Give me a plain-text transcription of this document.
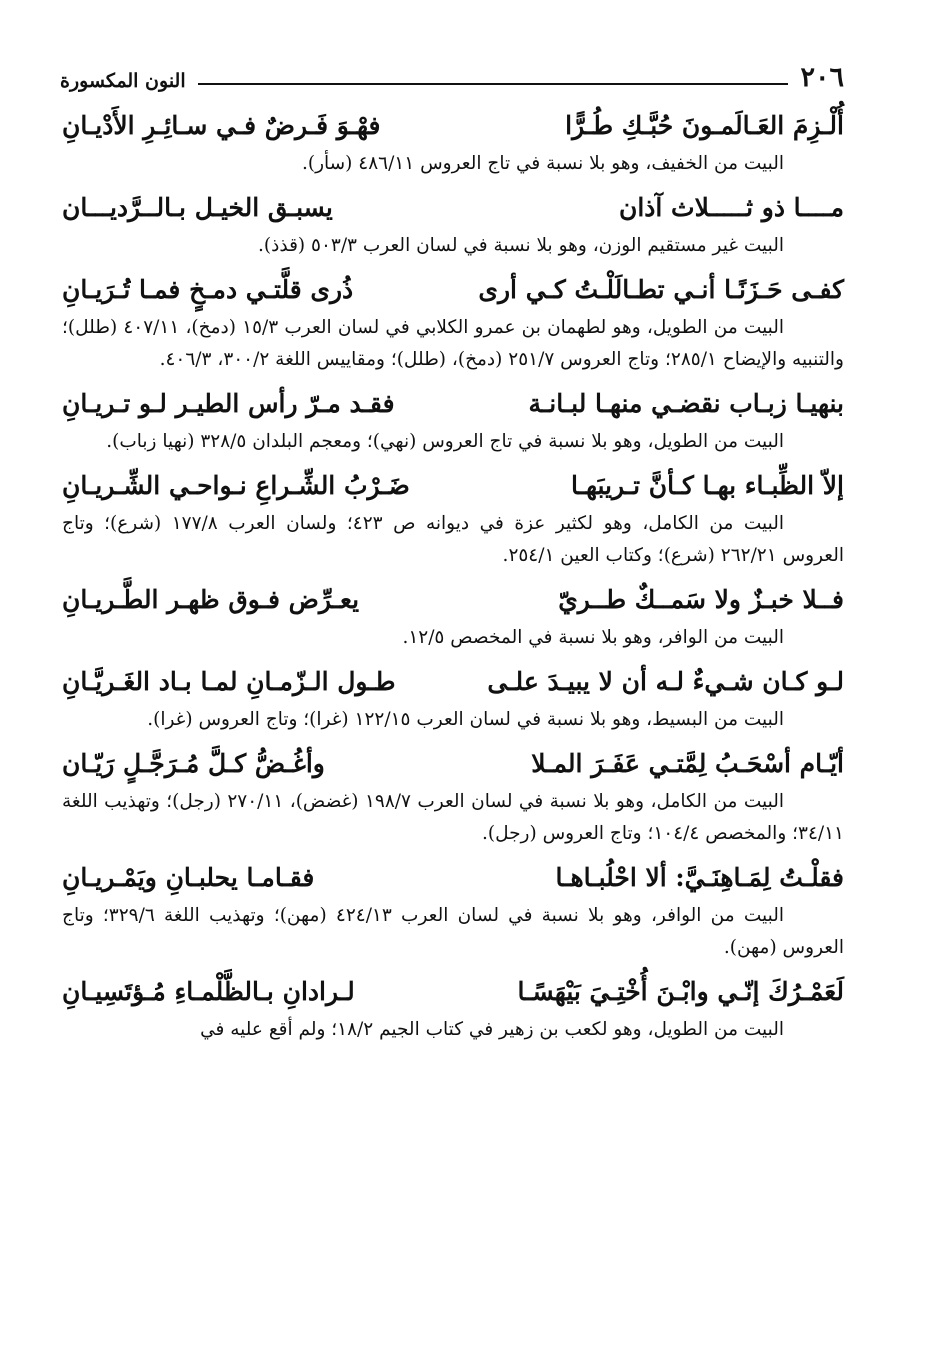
٢٠٦
النون المكسورة
أُلْـزِمَ العَـالَمـونَ حُبَّـكِ طُـرًّا
فهْـوَ فَـرضٌ فـي سـائِـرِ الأَدْيـانِ
البيت من الخفيف، وهو بلا نسبة في تاج العروس ٤٨٦/١١ (سأر).
مــــا ذو ثـــــلاث آذان
يسبـق الخيـل بـالــرَّديـــان
البيت غير مستقيم الوزن، وهو بلا نسبة في لسان العرب ٥٠٣/٣ (قذذ).
كفـى حَـزَنًـا أنـي تطـالَلْـتُ كـي أرى
ذُرى قلَّتـي دمـخٍ فمـا تُـرَيـانِ
البيت من الطويل، وهو لطهمان بن عمرو الكلابي في لسان العرب ١٥/٣ (دمخ)، ٤٠٧/١١ (طلل)؛ والتنبيه والإيضاح ٢٨٥/١؛ وتاج العروس ٢٥١/٧ (دمخ)، (طلل)؛ ومقاييس اللغة ٣٠٠/٢، ٤٠٦/٣.
بنهيـا زبـاب نقضـي منهـا لبـانـة
فقـد مـرّ رأس الطيـر لـو تـريـانِ
البيت من الطويل، وهو بلا نسبة في تاج العروس (نهي)؛ ومعجم البلدان ٣٢٨/٥ (نهيا زباب).
إلاّ الظِّبـاء بهـا كـأنَّ تـريبَهـا
ضَـرْبُ الشِّـراعِ نـواحـي الشِّـريـانِ
البيت من الكامل، وهو لكثير عزة في ديوانه ص ٤٢٣؛ ولسان العرب ١٧٧/٨ (شرع)؛ وتاج العروس ٢٦٢/٢١ (شرع)؛ وكتاب العين ٢٥٤/١.
فــلا خبـزٌ ولا سَمــكٌ طــريّ
يعـرِّض فـوق ظهـر الطَّـريـانِ
البيت من الوافر، وهو بلا نسبة في المخصص ١٢/٥.
لـو كـان شـيءٌ لـه أن لا يبيـدَ علـى
طـول الـزّمـانِ لمـا بـاد الغَـريَّـانِ
البيت من البسيط، وهو بلا نسبة في لسان العرب ١٢٢/١٥ (غرا)؛ وتاج العروس (غرا).
أيّـام أسْحَـبُ لِمَّتـي عَفَـرَ المـلا
وأغُـضُّ كـلَّ مُـرَجَّـلٍ رَيّـان
البيت من الكامل، وهو بلا نسبة في لسان العرب ١٩٨/٧ (غضض)، ٢٧٠/١١ (رجل)؛ وتهذيب اللغة ٣٤/١١؛ والمخصص ١٠٤/٤؛ وتاج العروس (رجل).
فقلْـتُ لِمَـاهِنَـيَّ: ألا احْلُبـاهـا
فقـامـا يحلبـانِ ويَمْـريـانِ
البيت من الوافر، وهو بلا نسبة في لسان العرب ٤٢٤/١٣ (مهن)؛ وتهذيب اللغة ٣٢٩/٦؛ وتاج العروس (مهن).
لَعَمْـرُكَ إنّـي وابْـنَ أُخْتِـيَ بَيْهَسًـا
لـرادانِ بـالظَّلْمـاءِ مُـؤتَسِيـانِ
البيت من الطويل، وهو لكعب بن زهير في كتاب الجيم ١٨/٢؛ ولم أقع عليه في
